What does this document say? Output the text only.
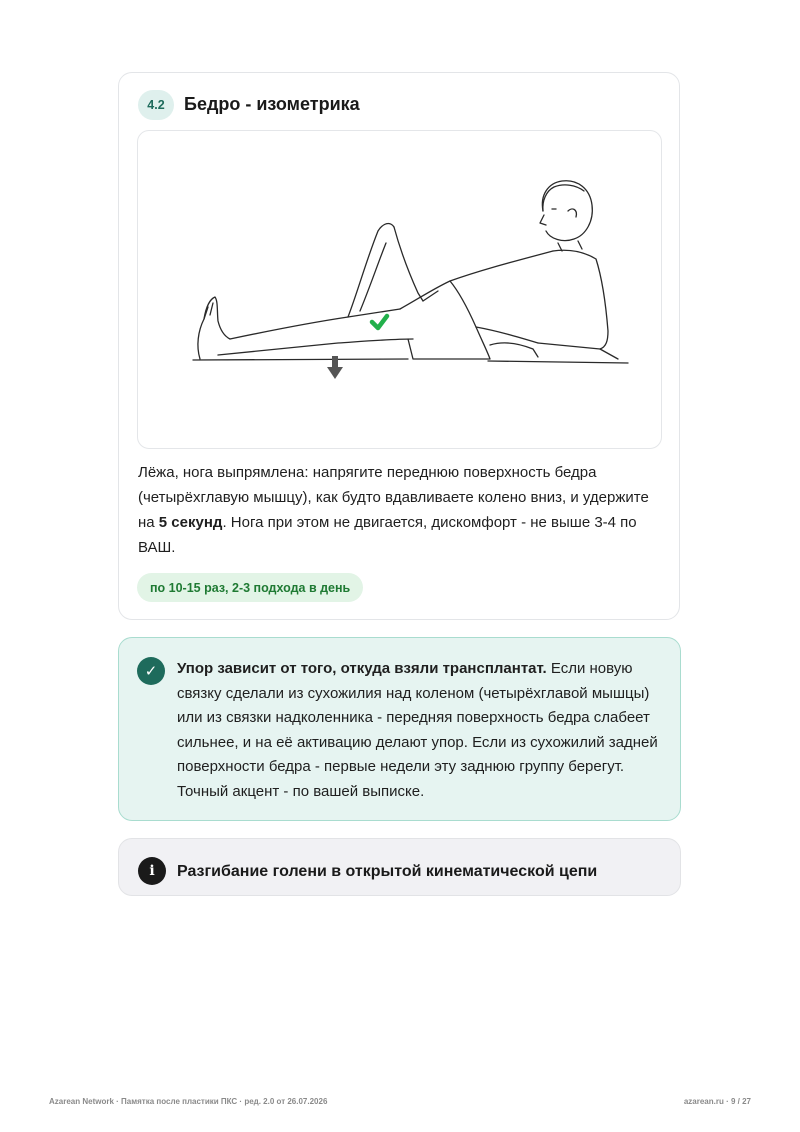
4.2	Бедро - изометрика
Лёжа, нога выпрямлена: напрягите переднюю поверхность бедра (четырёхглавую мышцу), как будто вдавливаете колено вниз, и удержите на 5 секунд. Нога при этом не двигается, дискомфорт - не выше 3-4 по ВАШ.
по 10-15 раз, 2-3 подхода в день
✓	Упор зависит от того, откуда взяли трансплантат. Если новую связку сделали из сухожилия над коленом (четырёхглавой мышцы) или из связки надколенника - передняя поверхность бедра слабеет сильнее, и на её активацию делают упор. Если из сухожилий задней поверхности бедра - первые недели эту заднюю группу берегут. Точный акцент - по вашей выписке.
i	Разгибание голени в открытой кинематической цепи
Azarean Network · Памятка после пластики ПКС · ред. 2.0 от 26.07.2026	azarean.ru · 9 / 27
